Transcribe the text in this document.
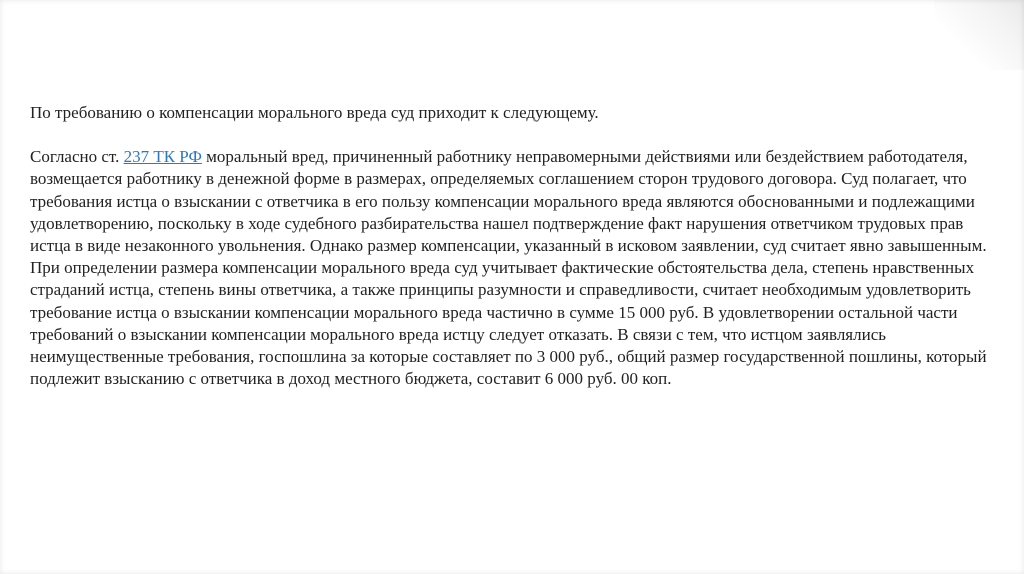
По требованию о компенсации морального вреда суд приходит к следующему.

Согласно ст. 237 ТК РФ моральный вред, причиненный работнику неправомерными действиями или бездействием работодателя, возмещается работнику в денежной форме в размерах, определяемых соглашением сторон трудового договора. Суд полагает, что требования истца о взыскании с ответчика в его пользу компенсации морального вреда являются обоснованными и подлежащими удовлетворению, поскольку в ходе судебного разбирательства нашел подтверждение факт нарушения ответчиком трудовых прав истца в виде незаконного увольнения. Однако размер компенсации, указанный в исковом заявлении, суд считает явно завышенным. При определении размера компенсации морального вреда суд учитывает фактические обстоятельства дела, степень нравственных страданий истца, степень вины ответчика, а также принципы разумности и справедливости, считает необходимым удовлетворить требование истца о взыскании компенсации морального вреда частично в сумме 15 000 руб. В удовлетворении остальной части требований о взыскании компенсации морального вреда истцу следует отказать. В связи с тем, что истцом заявлялись неимущественные требования, госпошлина за которые составляет по 3 000 руб., общий размер государственной пошлины, который подлежит взысканию с ответчика в доход местного бюджета, составит 6 000 руб. 00 коп.
